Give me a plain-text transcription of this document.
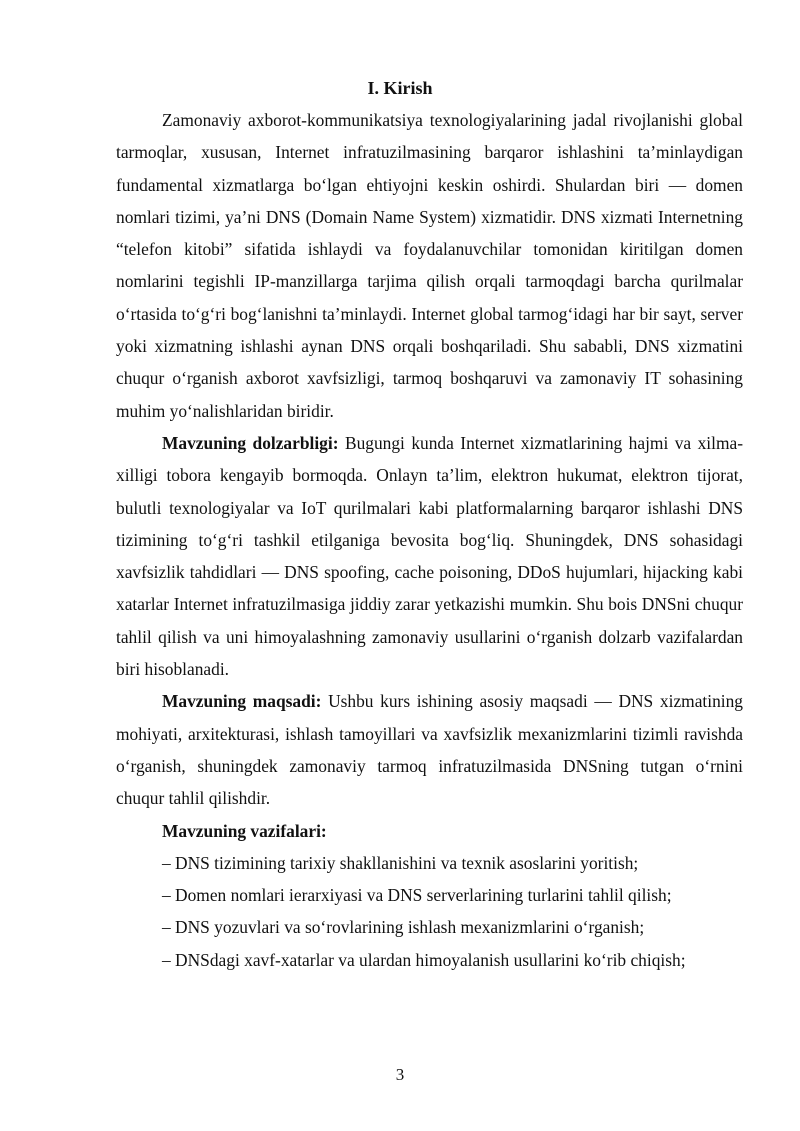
I. Kirish

Zamonaviy axborot-kommunikatsiya texnologiyalarining jadal rivojlanishi global tarmoqlar, xususan, Internet infratuzilmasining barqaror ishlashini ta’minlaydigan fundamental xizmatlarga bo‘lgan ehtiyojni keskin oshirdi. Shulardan biri — domen nomlari tizimi, ya’ni DNS (Domain Name System) xizmatidir. DNS xizmati Internetning “telefon kitobi” sifatida ishlaydi va foydalanuvchilar tomonidan kiritilgan domen nomlarini tegishli IP-manzillarga tarjima qilish orqali tarmoqdagi barcha qurilmalar o‘rtasida to‘g‘ri bog‘lanishni ta’minlaydi. Internet global tarmog‘idagi har bir sayt, server yoki xizmatning ishlashi aynan DNS orqali boshqariladi. Shu sababli, DNS xizmatini chuqur o‘rganish axborot xavfsizligi, tarmoq boshqaruvi va zamonaviy IT sohasining muhim yo‘nalishlaridan biridir.

Mavzuning dolzarbligi: Bugungi kunda Internet xizmatlarining hajmi va xilma-xilligi tobora kengayib bormoqda. Onlayn ta’lim, elektron hukumat, elektron tijorat, bulutli texnologiyalar va IoT qurilmalari kabi platformalarning barqaror ishlashi DNS tizimining to‘g‘ri tashkil etilganiga bevosita bog‘liq. Shuningdek, DNS sohasidagi xavfsizlik tahdidlari — DNS spoofing, cache poisoning, DDoS hujumlari, hijacking kabi xatarlar Internet infratuzilmasiga jiddiy zarar yetkazishi mumkin. Shu bois DNSni chuqur tahlil qilish va uni himoyalashning zamonaviy usullarini o‘rganish dolzarb vazifalardan biri hisoblanadi.

Mavzuning maqsadi: Ushbu kurs ishining asosiy maqsadi — DNS xizmatining mohiyati, arxitekturasi, ishlash tamoyillari va xavfsizlik mexanizmlarini tizimli ravishda o‘rganish, shuningdek zamonaviy tarmoq infratuzilmasida DNSning tutgan o‘rnini chuqur tahlil qilishdir.

Mavzuning vazifalari:

– DNS tizimining tarixiy shakllanishini va texnik asoslarini yoritish;

– Domen nomlari ierarxiyasi va DNS serverlarining turlarini tahlil qilish;

– DNS yozuvlari va so‘rovlarining ishlash mexanizmlarini o‘rganish;

– DNSdagi xavf-xatarlar va ulardan himoyalanish usullarini ko‘rib chiqish;

3
